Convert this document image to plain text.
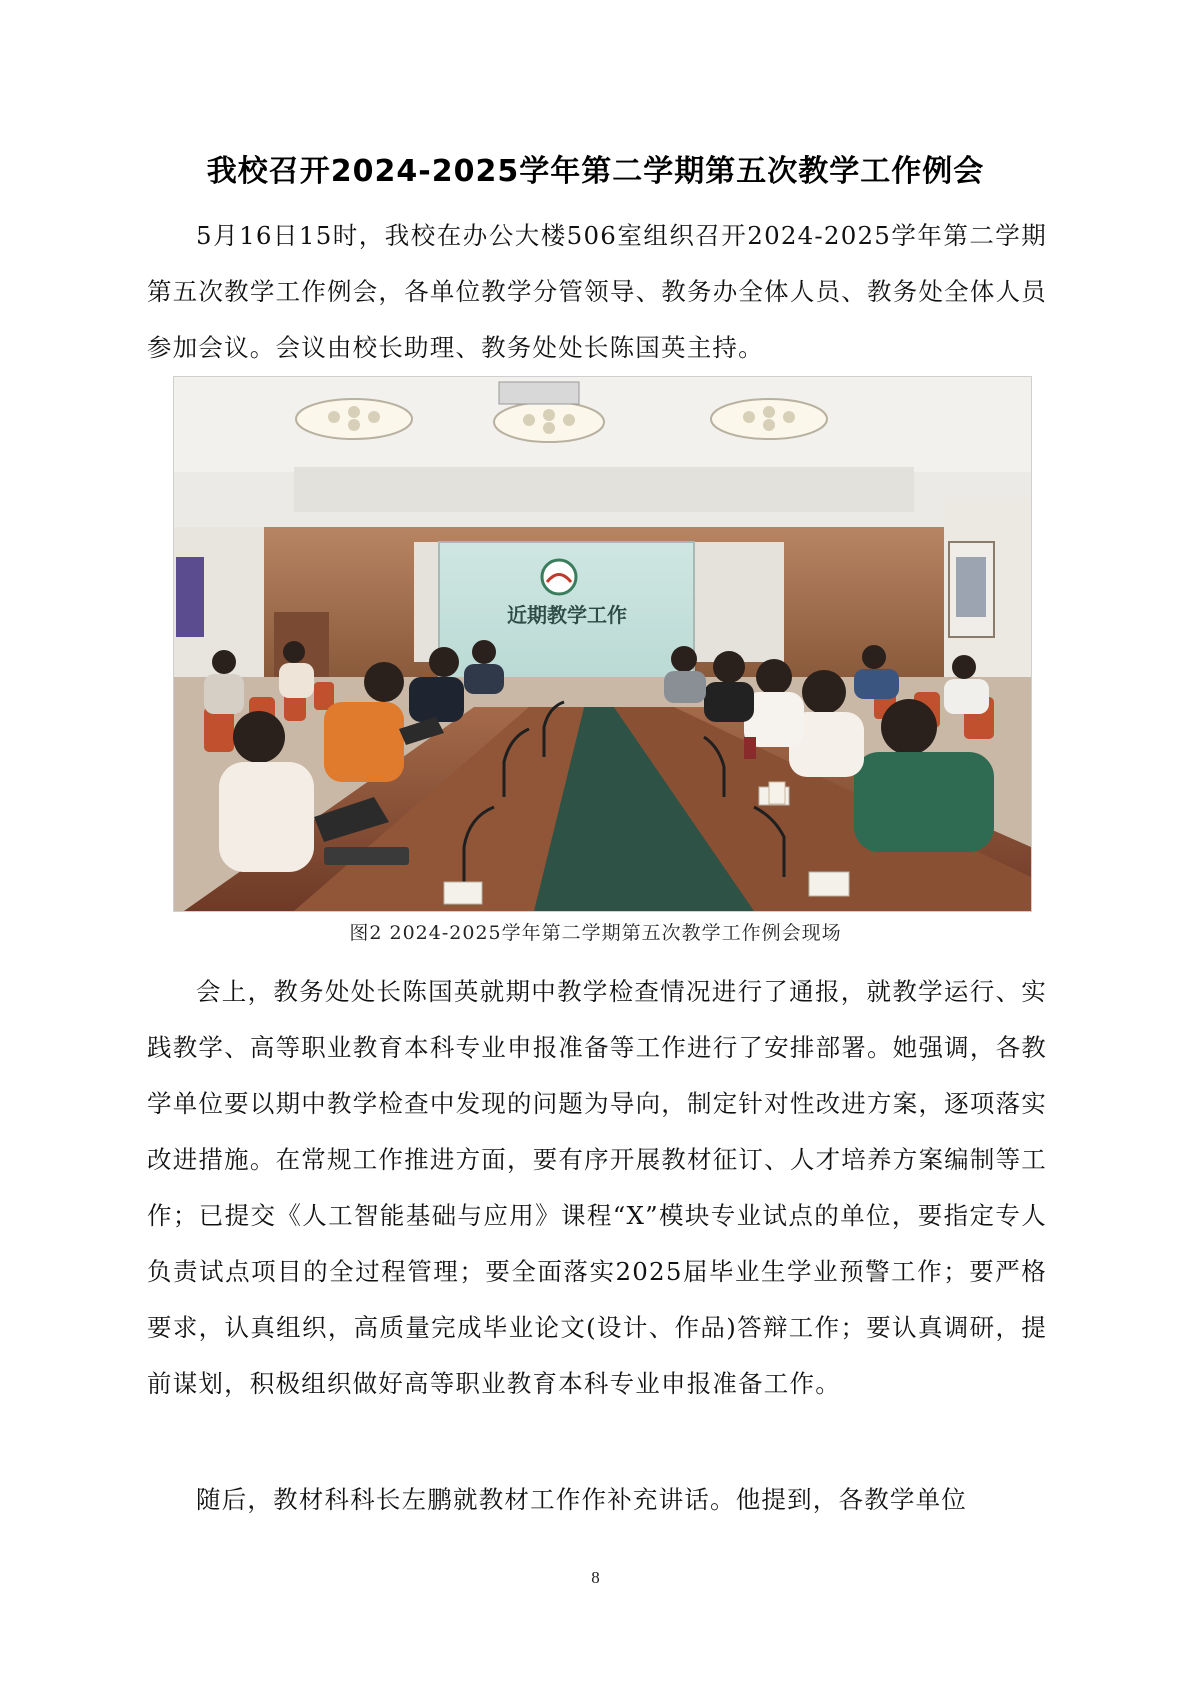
我校召开2024-2025学年第二学期第五次教学工作例会

5月16日15时，我校在办公大楼506室组织召开2024-2025学年第二学期第五次教学工作例会，各单位教学分管领导、教务办全体人员、教务处全体人员参加会议。会议由校长助理、教务处处长陈国英主持。

近期教学工作
图2 2024-2025学年第二学期第五次教学工作例会现场

会上，教务处处长陈国英就期中教学检查情况进行了通报，就教学运行、实践教学、高等职业教育本科专业申报准备等工作进行了安排部署。她强调，各教学单位要以期中教学检查中发现的问题为导向，制定针对性改进方案，逐项落实改进措施。在常规工作推进方面，要有序开展教材征订、人才培养方案编制等工作；已提交《人工智能基础与应用》课程“X”模块专业试点的单位，要指定专人负责试点项目的全过程管理；要全面落实2025届毕业生学业预警工作；要严格要求，认真组织，高质量完成毕业论文(设计、作品)答辩工作；要认真调研，提前谋划，积极组织做好高等职业教育本科专业申报准备工作。

随后，教材科科长左鹏就教材工作作补充讲话。他提到，各教学单位

8
